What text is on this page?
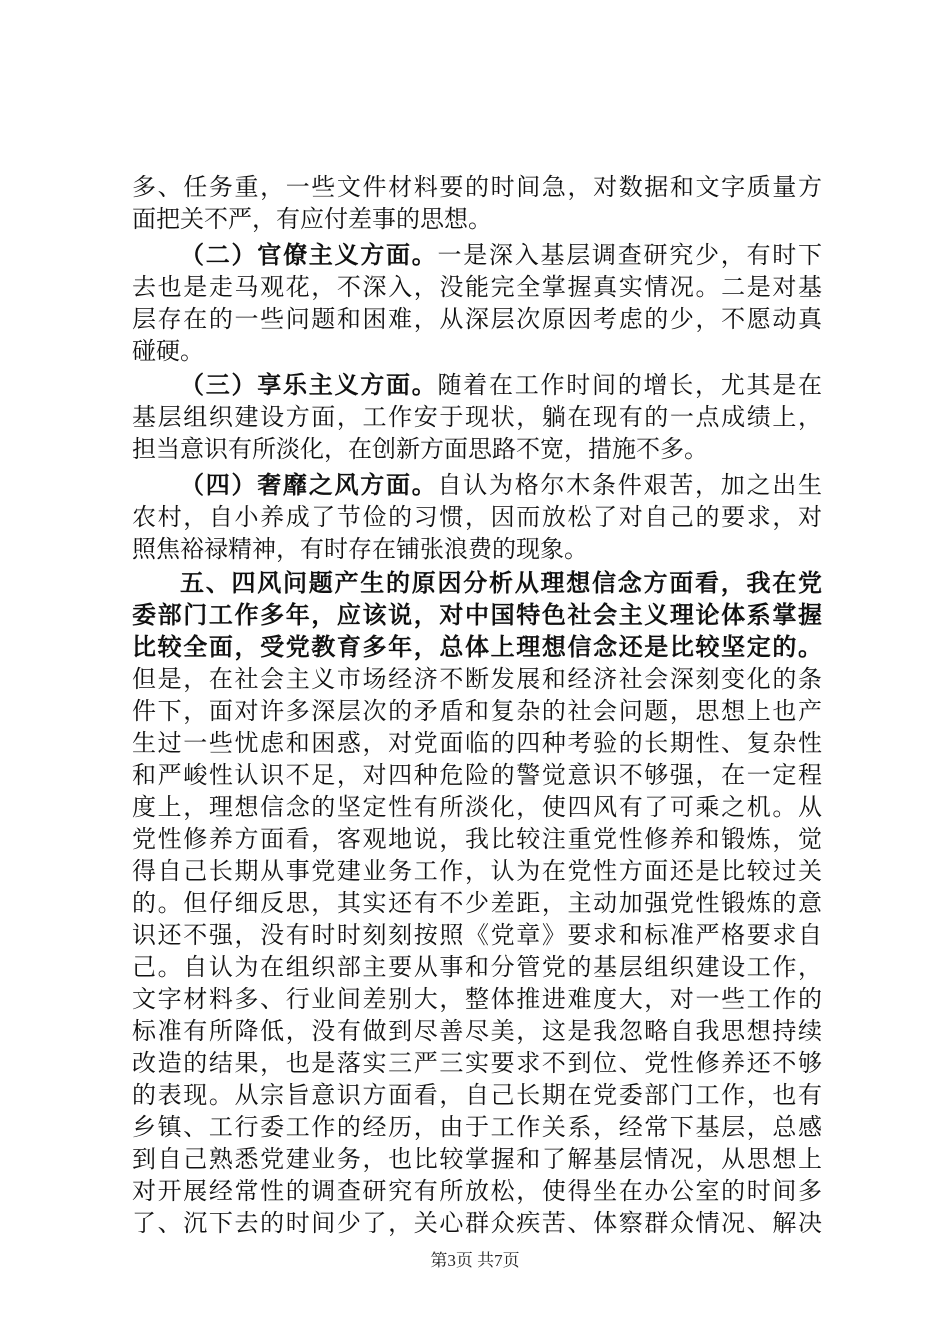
多、任务重，一些文件材料要的时间急，对数据和文字质量方
面把关不严，有应付差事的思想。
（二）官僚主义方面。一是深入基层调查研究少，有时下
去也是走马观花，不深入，没能完全掌握真实情况。二是对基
层存在的一些问题和困难，从深层次原因考虑的少，不愿动真
碰硬。
（三）享乐主义方面。随着在工作时间的增长，尤其是在
基层组织建设方面，工作安于现状，躺在现有的一点成绩上，
担当意识有所淡化，在创新方面思路不宽，措施不多。
（四）奢靡之风方面。自认为格尔木条件艰苦，加之出生
农村，自小养成了节俭的习惯，因而放松了对自己的要求，对
照焦裕禄精神，有时存在铺张浪费的现象。
五、四风问题产生的原因分析从理想信念方面看，我在党
委部门工作多年，应该说，对中国特色社会主义理论体系掌握
比较全面，受党教育多年，总体上理想信念还是比较坚定的。
但是，在社会主义市场经济不断发展和经济社会深刻变化的条
件下，面对许多深层次的矛盾和复杂的社会问题，思想上也产
生过一些忧虑和困惑，对党面临的四种考验的长期性、复杂性
和严峻性认识不足，对四种危险的警觉意识不够强，在一定程
度上，理想信念的坚定性有所淡化，使四风有了可乘之机。从
党性修养方面看，客观地说，我比较注重党性修养和锻炼，觉
得自己长期从事党建业务工作，认为在党性方面还是比较过关
的。但仔细反思，其实还有不少差距，主动加强党性锻炼的意
识还不强，没有时时刻刻按照《党章》要求和标准严格要求自
己。自认为在组织部主要从事和分管党的基层组织建设工作，
文字材料多、行业间差别大，整体推进难度大，对一些工作的
标准有所降低，没有做到尽善尽美，这是我忽略自我思想持续
改造的结果，也是落实三严三实要求不到位、党性修养还不够
的表现。从宗旨意识方面看，自己长期在党委部门工作，也有
乡镇、工行委工作的经历，由于工作关系，经常下基层，总感
到自己熟悉党建业务，也比较掌握和了解基层情况，从思想上
对开展经常性的调查研究有所放松，使得坐在办公室的时间多
了、沉下去的时间少了，关心群众疾苦、体察群众情况、解决
第3页 共7页
